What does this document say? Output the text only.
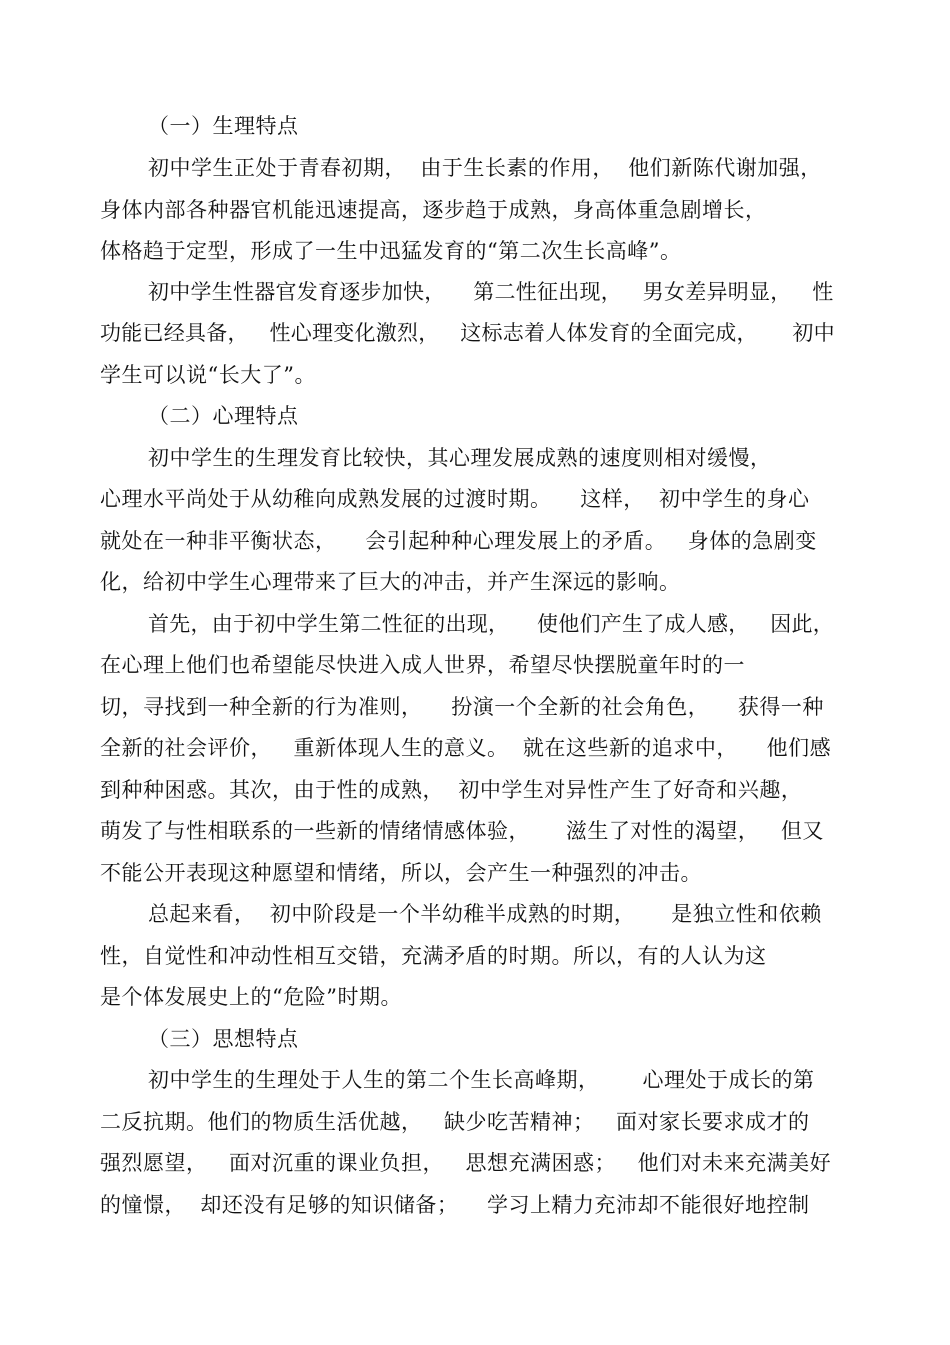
（一）生理特点
初中学生正处于青春初期，  由于生长素的作用，  他们新陈代谢加强，
身体内部各种器官机能迅速提高，逐步趋于成熟，身高体重急剧增长，
体格趋于定型，形成了一生中迅猛发育的“第二次生长高峰”。
初中学生性器官发育逐步加快，    第二性征出现，   男女差异明显，   性
功能已经具备，   性心理变化激烈，   这标志着人体发育的全面完成，     初中
学生可以说“长大了”。
（二）心理特点
初中学生的生理发育比较快，其心理发展成熟的速度则相对缓慢，
心理水平尚处于从幼稚向成熟发展的过渡时期。    这样，  初中学生的身心
就处在一种非平衡状态，    会引起种种心理发展上的矛盾。   身体的急剧变
化，给初中学生心理带来了巨大的冲击，并产生深远的影响。
首先，由于初中学生第二性征的出现，    使他们产生了成人感，   因此，
在心理上他们也希望能尽快进入成人世界，希望尽快摆脱童年时的一
切，寻找到一种全新的行为准则，    扮演一个全新的社会角色，    获得一种
全新的社会评价，   重新体现人生的意义。  就在这些新的追求中，    他们感
到种种困惑。其次，由于性的成熟，  初中学生对异性产生了好奇和兴趣，
萌发了与性相联系的一些新的情绪情感体验，     滋生了对性的渴望，   但又
不能公开表现这种愿望和情绪，所以，会产生一种强烈的冲击。
总起来看，  初中阶段是一个半幼稚半成熟的时期，     是独立性和依赖
性，自觉性和冲动性相互交错，充满矛盾的时期。所以，有的人认为这
是个体发展史上的“危险”时期。
（三）思想特点
初中学生的生理处于人生的第二个生长高峰期，      心理处于成长的第
二反抗期。他们的物质生活优越，   缺少吃苦精神；   面对家长要求成才的
强烈愿望，   面对沉重的课业负担，   思想充满困惑；   他们对未来充满美好
的憧憬，  却还没有足够的知识储备；    学习上精力充沛却不能很好地控制
